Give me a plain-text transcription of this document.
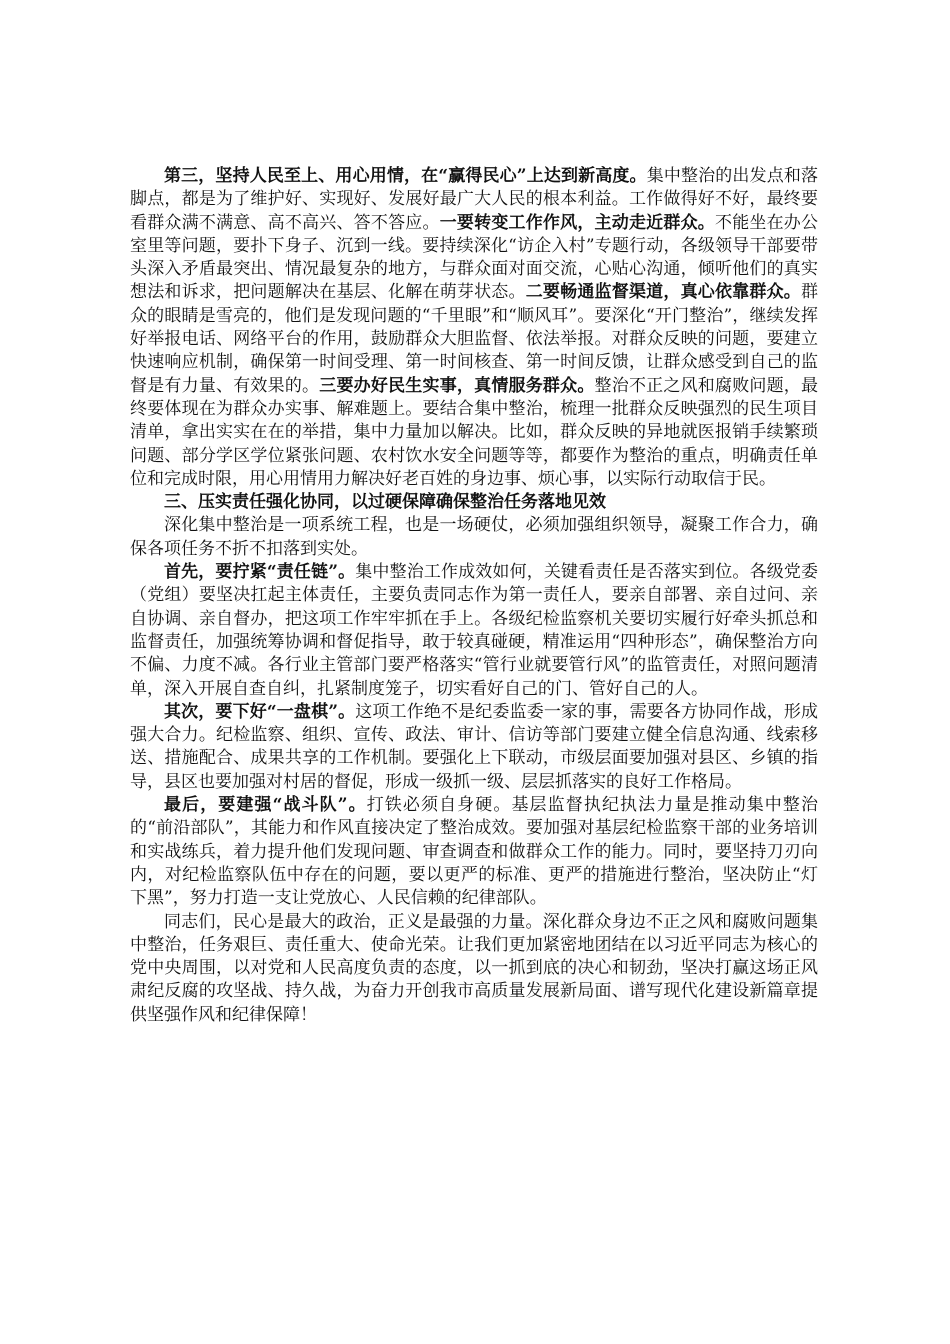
第三，坚持人民至上、用心用情，在“赢得民心”上达到新高度。集中整治的出发点和落脚点，都是为了维护好、实现好、发展好最广大人民的根本利益。工作做得好不好，最终要看群众满不满意、高不高兴、答不答应。一要转变工作作风，主动走近群众。不能坐在办公室里等问题，要扑下身子、沉到一线。要持续深化“访企入村”专题行动，各级领导干部要带头深入矛盾最突出、情况最复杂的地方，与群众面对面交流，心贴心沟通，倾听他们的真实想法和诉求，把问题解决在基层、化解在萌芽状态。二要畅通监督渠道，真心依靠群众。群众的眼睛是雪亮的，他们是发现问题的“千里眼”和“顺风耳”。要深化“开门整治”，继续发挥好举报电话、网络平台的作用，鼓励群众大胆监督、依法举报。对群众反映的问题，要建立快速响应机制，确保第一时间受理、第一时间核查、第一时间反馈，让群众感受到自己的监督是有力量、有效果的。三要办好民生实事，真情服务群众。整治不正之风和腐败问题，最终要体现在为群众办实事、解难题上。要结合集中整治，梳理一批群众反映强烈的民生项目清单，拿出实实在在的举措，集中力量加以解决。比如，群众反映的异地就医报销手续繁琐问题、部分学区学位紧张问题、农村饮水安全问题等等，都要作为整治的重点，明确责任单位和完成时限，用心用情用力解决好老百姓的身边事、烦心事，以实际行动取信于民。

三、压实责任强化协同，以过硬保障确保整治任务落地见效

深化集中整治是一项系统工程，也是一场硬仗，必须加强组织领导，凝聚工作合力，确保各项任务不折不扣落到实处。

首先，要拧紧“责任链”。集中整治工作成效如何，关键看责任是否落实到位。各级党委（党组）要坚决扛起主体责任，主要负责同志作为第一责任人，要亲自部署、亲自过问、亲自协调、亲自督办，把这项工作牢牢抓在手上。各级纪检监察机关要切实履行好牵头抓总和监督责任，加强统筹协调和督促指导，敢于较真碰硬，精准运用“四种形态”，确保整治方向不偏、力度不减。各行业主管部门要严格落实“管行业就要管行风”的监管责任，对照问题清单，深入开展自查自纠，扎紧制度笼子，切实看好自己的门、管好自己的人。

其次，要下好“一盘棋”。这项工作绝不是纪委监委一家的事，需要各方协同作战，形成强大合力。纪检监察、组织、宣传、政法、审计、信访等部门要建立健全信息沟通、线索移送、措施配合、成果共享的工作机制。要强化上下联动，市级层面要加强对县区、乡镇的指导，县区也要加强对村居的督促，形成一级抓一级、层层抓落实的良好工作格局。

最后，要建强“战斗队”。打铁必须自身硬。基层监督执纪执法力量是推动集中整治的“前沿部队”，其能力和作风直接决定了整治成效。要加强对基层纪检监察干部的业务培训和实战练兵，着力提升他们发现问题、审查调查和做群众工作的能力。同时，要坚持刀刃向内，对纪检监察队伍中存在的问题，要以更严的标准、更严的措施进行整治，坚决防止“灯下黑”，努力打造一支让党放心、人民信赖的纪律部队。

同志们，民心是最大的政治，正义是最强的力量。深化群众身边不正之风和腐败问题集中整治，任务艰巨、责任重大、使命光荣。让我们更加紧密地团结在以习近平同志为核心的党中央周围，以对党和人民高度负责的态度，以一抓到底的决心和韧劲，坚决打赢这场正风肃纪反腐的攻坚战、持久战，为奋力开创我市高质量发展新局面、谱写现代化建设新篇章提供坚强作风和纪律保障！
